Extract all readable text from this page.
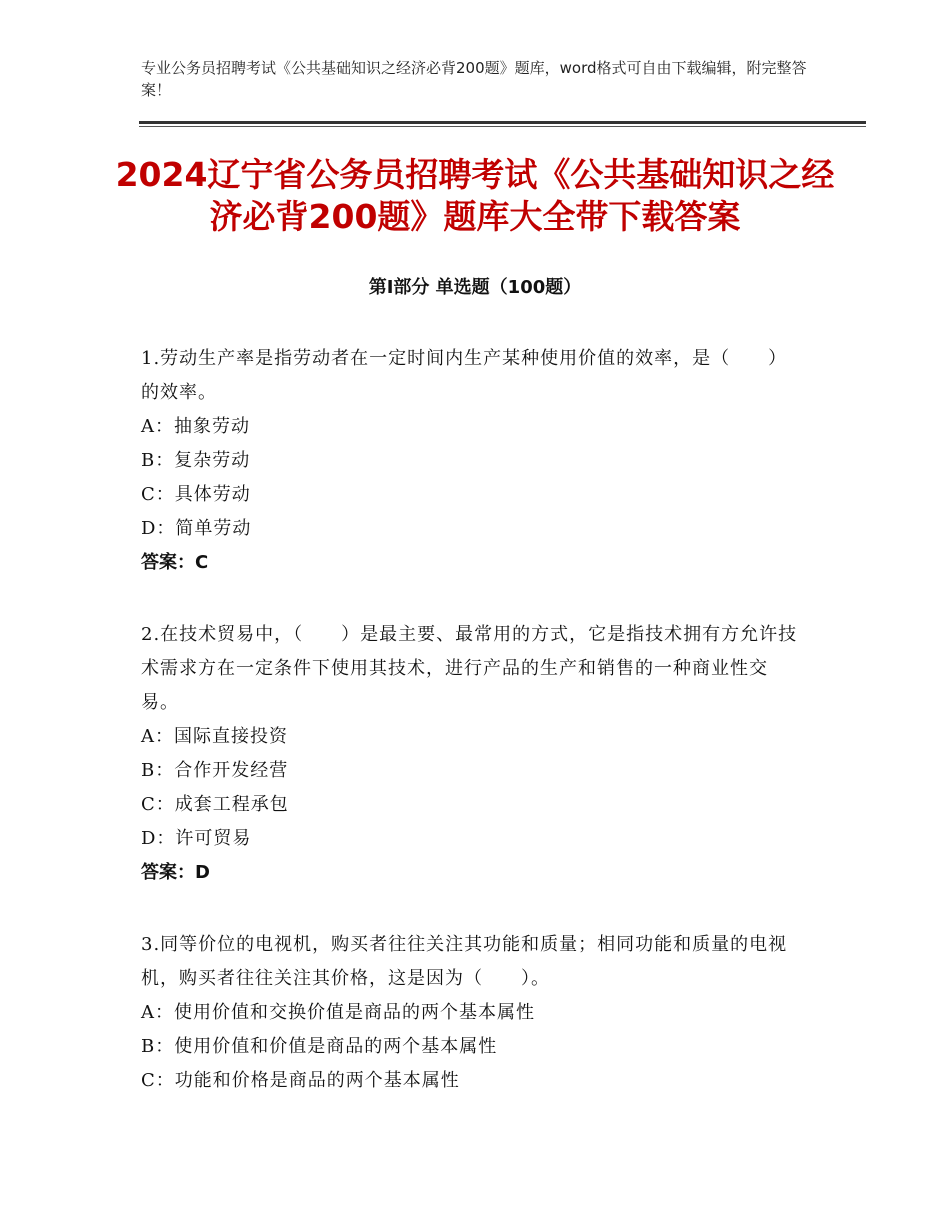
专业公务员招聘考试《公共基础知识之经济必背200题》题库，word格式可自由下载编辑，附完整答案！
2024辽宁省公务员招聘考试《公共基础知识之经济必背200题》题库大全带下载答案
第Ⅰ部分 单选题（100题）
1.劳动生产率是指劳动者在一定时间内生产某种使用价值的效率，是（　　）的效率。
A：抽象劳动
B：复杂劳动
C：具体劳动
D：简单劳动
答案：C
2.在技术贸易中，（　　）是最主要、最常用的方式，它是指技术拥有方允许技术需求方在一定条件下使用其技术，进行产品的生产和销售的一种商业性交易。
A：国际直接投资
B：合作开发经营
C：成套工程承包
D：许可贸易
答案：D
3.同等价位的电视机，购买者往往关注其功能和质量；相同功能和质量的电视机，购买者往往关注其价格，这是因为（　　）。
A：使用价值和交换价值是商品的两个基本属性
B：使用价值和价值是商品的两个基本属性
C：功能和价格是商品的两个基本属性
